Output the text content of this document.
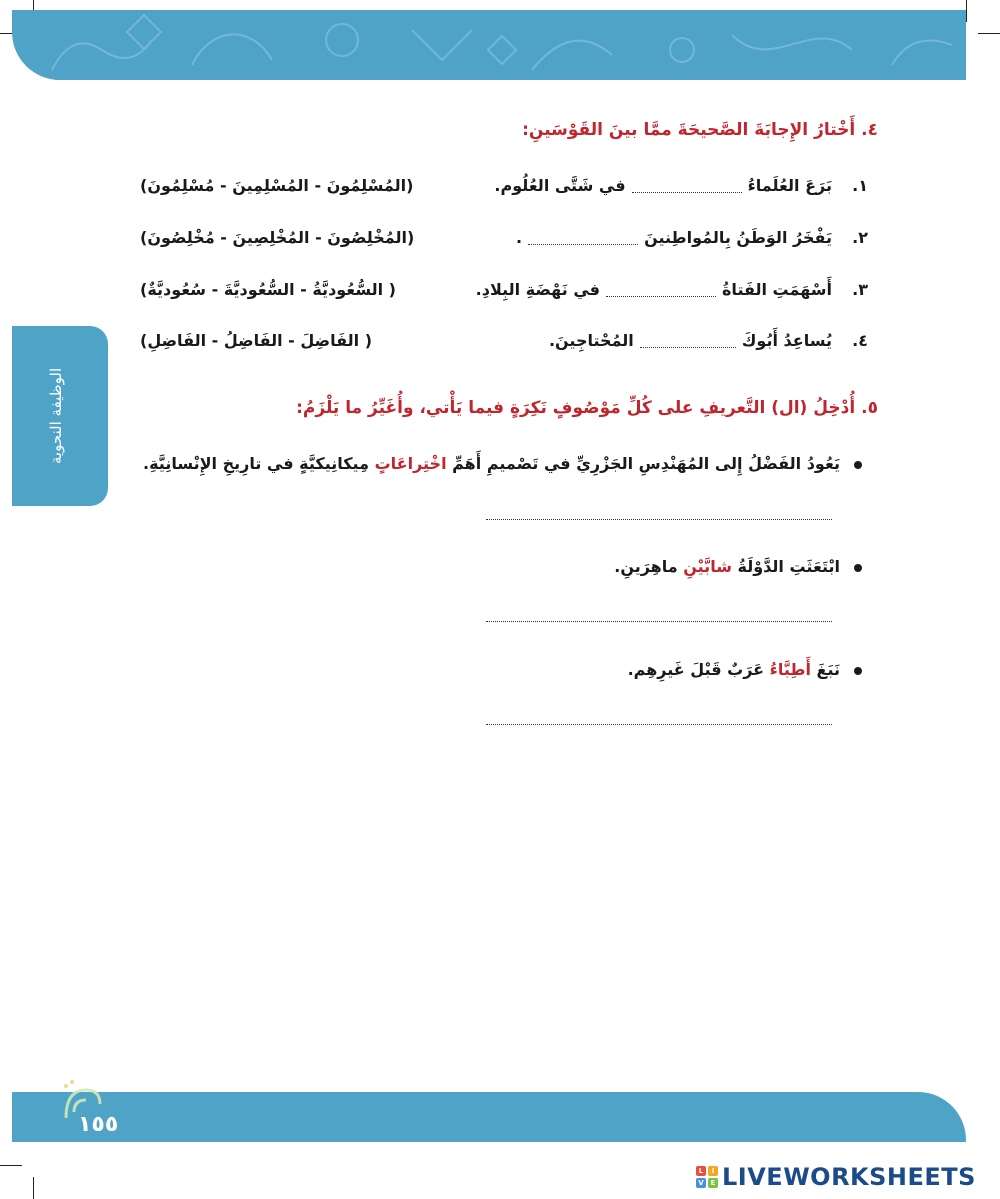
الوظيفة النحوية
٤. أَخْتارُ الإِجابَةَ الصَّحيحَةَ ممَّا بينَ القَوْسَينِ:
١.
بَرَعَ العُلَماءُفي شَتَّى العُلُوم.
(المُسْلِمُونَ - المُسْلِمِينَ - مُسْلِمُونَ)
٢.
يَفْخَرُ الوَطَنُ بِالمُواطِنينَ.
(المُخْلِصُونَ - المُخْلِصِينَ - مُخْلِصُونَ)
٣.
أَسْهَمَتِ الفَتاةُفي نَهْضَةِ البِلادِ.
( السُّعُوديَّةُ - السُّعُوديَّةَ - سُعُوديَّةٌ)
٤.
يُساعِدُ أَبُوكَالمُحْتاجِينَ.
( الفَاضِلَ - الفَاضِلُ - الفَاضِلِ)
٥. أُدْخِلُ (ال) التَّعريفِ على كُلِّ مَوْصُوفٍ نَكِرَةٍ فيما يَأْتي، وأُغَيِّرُ ما يَلْزَمُ:
يَعُودُ الفَضْلُ إِلى المُهَنْدِسِ الجَزْرِيِّ في تَصْميمِ أَهَمِّ اخْتِراعَاتٍ مِيكانِيكيَّةٍ في تارِيخِ الإِنْسانِيَّةِ.
ابْتَعَثَتِ الدَّوْلَةُ شابَّيْنِ ماهِرَينِ.
نَبَغَ أَطِبَّاءُ عَرَبٌ قَبْلَ غَيرِهِم.
١٥٥
L	I
V E LIVEWORKSHEETS
